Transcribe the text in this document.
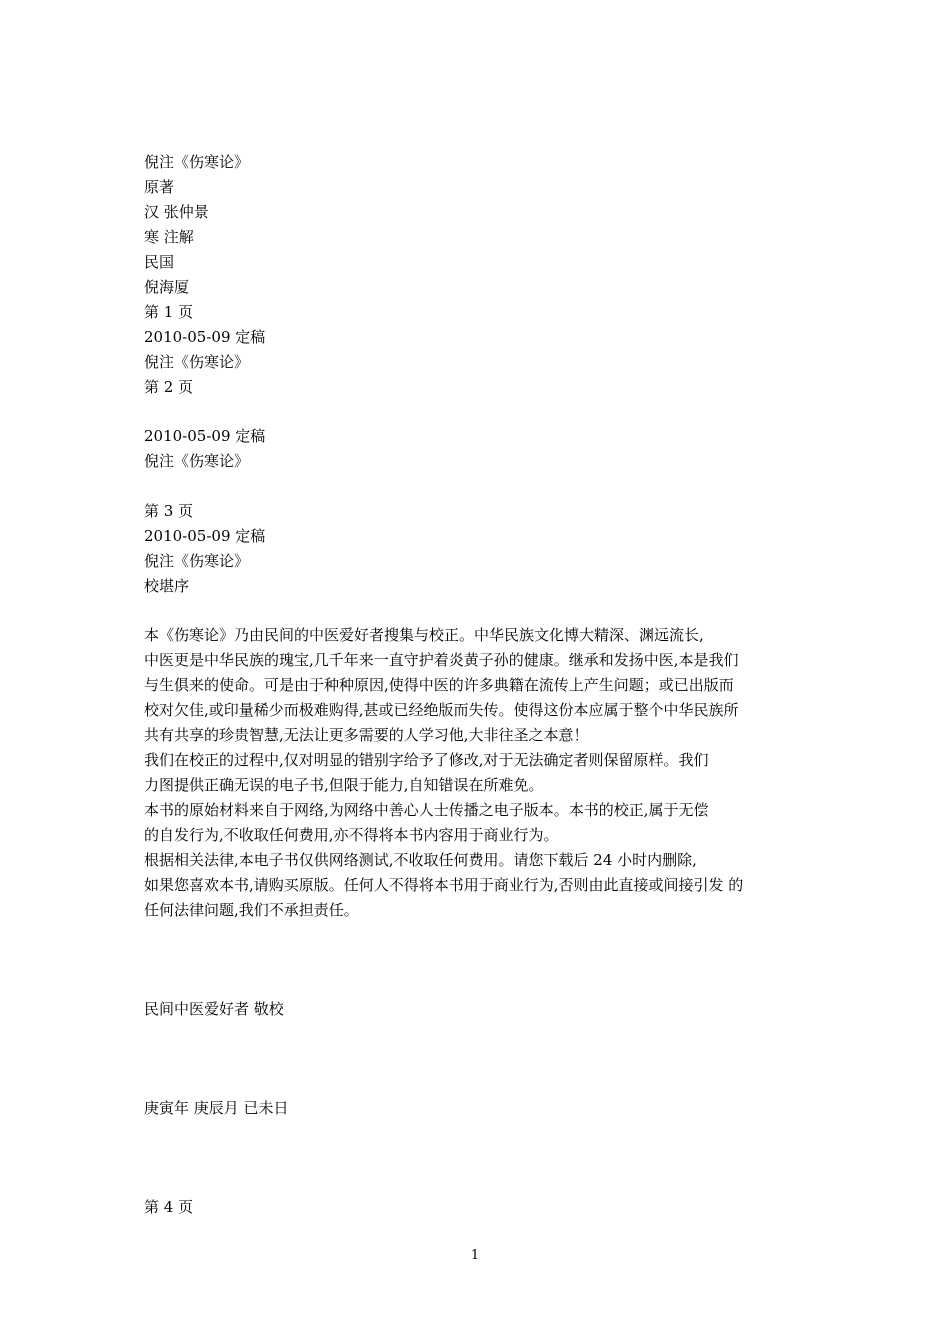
倪注《伤寒论》
原著
汉 张仲景
寒 注解
民国
倪海厦
第 1 页
2010-05-09 定稿
倪注《伤寒论》
第 2 页
2010-05-09 定稿
倪注《伤寒论》
第 3 页
2010-05-09 定稿
倪注《伤寒论》
校堪序
本《伤寒论》乃由民间的中医爱好者搜集与校正。中华民族文化博大精深、渊远流长,
中医更是中华民族的瑰宝,几千年来一直守护着炎黄子孙的健康。继承和发扬中医,本是我们
与生俱来的使命。可是由于种种原因,使得中医的许多典籍在流传上产生问题；或已出版而
校对欠佳,或印量稀少而极难购得,甚或已经绝版而失传。使得这份本应属于整个中华民族所
共有共享的珍贵智慧,无法让更多需要的人学习他,大非往圣之本意！
我们在校正的过程中,仅对明显的错别字给予了修改,对于无法确定者则保留原样。我们
力图提供正确无误的电子书,但限于能力,自知错误在所难免。
本书的原始材料来自于网络,为网络中善心人士传播之电子版本。本书的校正,属于无偿
的自发行为,不收取任何费用,亦不得将本书内容用于商业行为。
根据相关法律,本电子书仅供网络测试,不收取任何费用。请您下载后 24 小时内删除,
如果您喜欢本书,请购买原版。任何人不得将本书用于商业行为,否则由此直接或间接引发 的
任何法律问题,我们不承担责任。
民间中医爱好者 敬校
庚寅年 庚辰月 已未日
第 4 页
1
